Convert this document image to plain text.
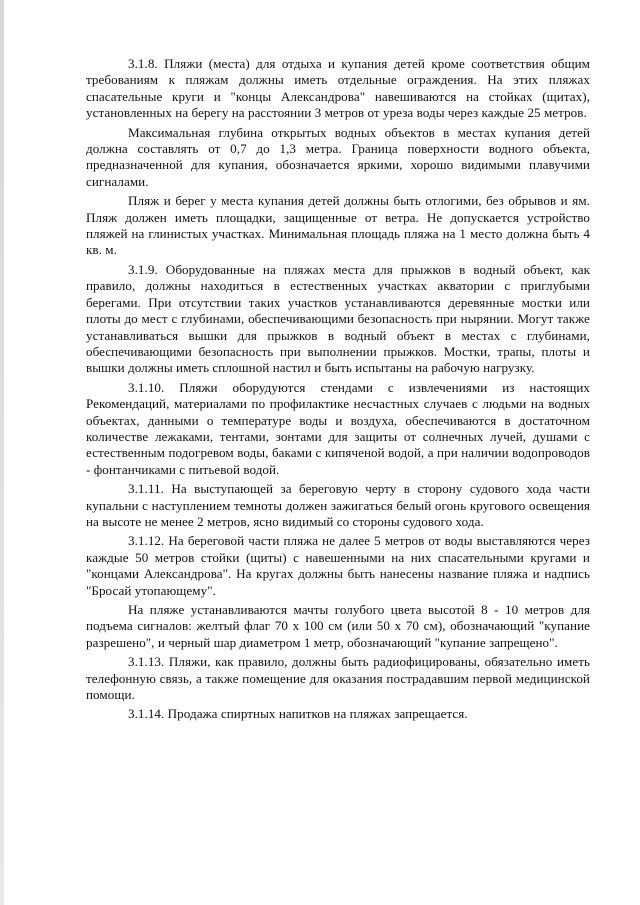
3.1.8. Пляжи (места) для отдыха и купания детей кроме соответствия общим требованиям к пляжам должны иметь отдельные ограждения. На этих пляжах спасательные круги и "концы Александрова" навешиваются на стойках (щитах), установленных на берегу на расстоянии 3 метров от уреза воды через каждые 25 метров.

Максимальная глубина открытых водных объектов в местах купания детей должна составлять от 0,7 до 1,3 метра. Граница поверхности водного объекта, предназначенной для купания, обозначается яркими, хорошо видимыми плавучими сигналами.

Пляж и берег у места купания детей должны быть отлогими, без обрывов и ям. Пляж должен иметь площадки, защищенные от ветра. Не допускается устройство пляжей на глинистых участках. Минимальная площадь пляжа на 1 место должна быть 4 кв. м.

3.1.9. Оборудованные на пляжах места для прыжков в водный объект, как правило, должны находиться в естественных участках акватории с приглубыми берегами. При отсутствии таких участков устанавливаются деревянные мостки или плоты до мест с глубинами, обеспечивающими безопасность при нырянии. Могут также устанавливаться вышки для прыжков в водный объект в местах с глубинами, обеспечивающими безопасность при выполнении прыжков. Мостки, трапы, плоты и вышки должны иметь сплошной настил и быть испытаны на рабочую нагрузку.

3.1.10. Пляжи оборудуются стендами с извлечениями из настоящих Рекомендаций, материалами по профилактике несчастных случаев с людьми на водных объектах, данными о температуре воды и воздуха, обеспечиваются в достаточном количестве лежаками, тентами, зонтами для защиты от солнечных лучей, душами с естественным подогревом воды, баками с кипяченой водой, а при наличии водопроводов - фонтанчиками с питьевой водой.

3.1.11. На выступающей за береговую черту в сторону судового хода части купальни с наступлением темноты должен зажигаться белый огонь кругового освещения на высоте не менее 2 метров, ясно видимый со стороны судового хода.

3.1.12. На береговой части пляжа не далее 5 метров от воды выставляются через каждые 50 метров стойки (щиты) с навешенными на них спасательными кругами и "концами Александрова". На кругах должны быть нанесены название пляжа и надпись "Бросай утопающему".

На пляже устанавливаются мачты голубого цвета высотой 8 - 10 метров для подъема сигналов: желтый флаг 70 х 100 см (или 50 х 70 см), обозначающий "купание разрешено", и черный шар диаметром 1 метр, обозначающий "купание запрещено".

3.1.13. Пляжи, как правило, должны быть радиофицированы, обязательно иметь телефонную связь, а также помещение для оказания пострадавшим первой медицинской помощи.

3.1.14. Продажа спиртных напитков на пляжах запрещается.
